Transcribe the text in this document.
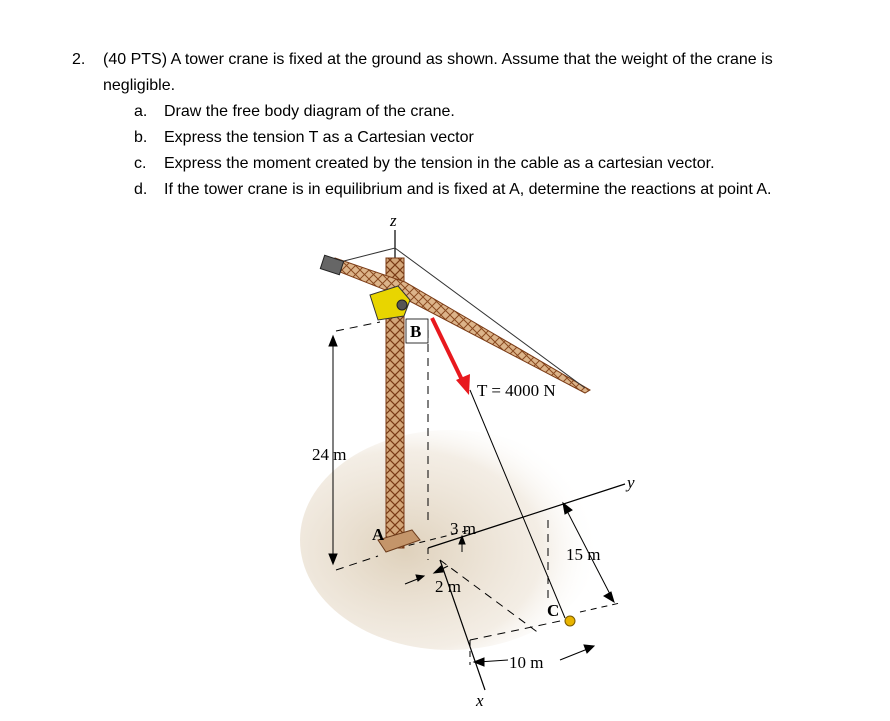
2. (40 PTS) A tower crane is fixed at the ground as shown. Assume that the weight of the crane is
negligible.
a. Draw the free body diagram of the crane.
b. Express the tension T as a Cartesian vector
c. Express the moment created by the tension in the cable as a cartesian vector.
d. If the tower crane is in equilibrium and is fixed at A, determine the reactions at point A.
z
y
x
A
B
C
T = 4000 N
24 m
3 m
2 m
15 m
10 m
